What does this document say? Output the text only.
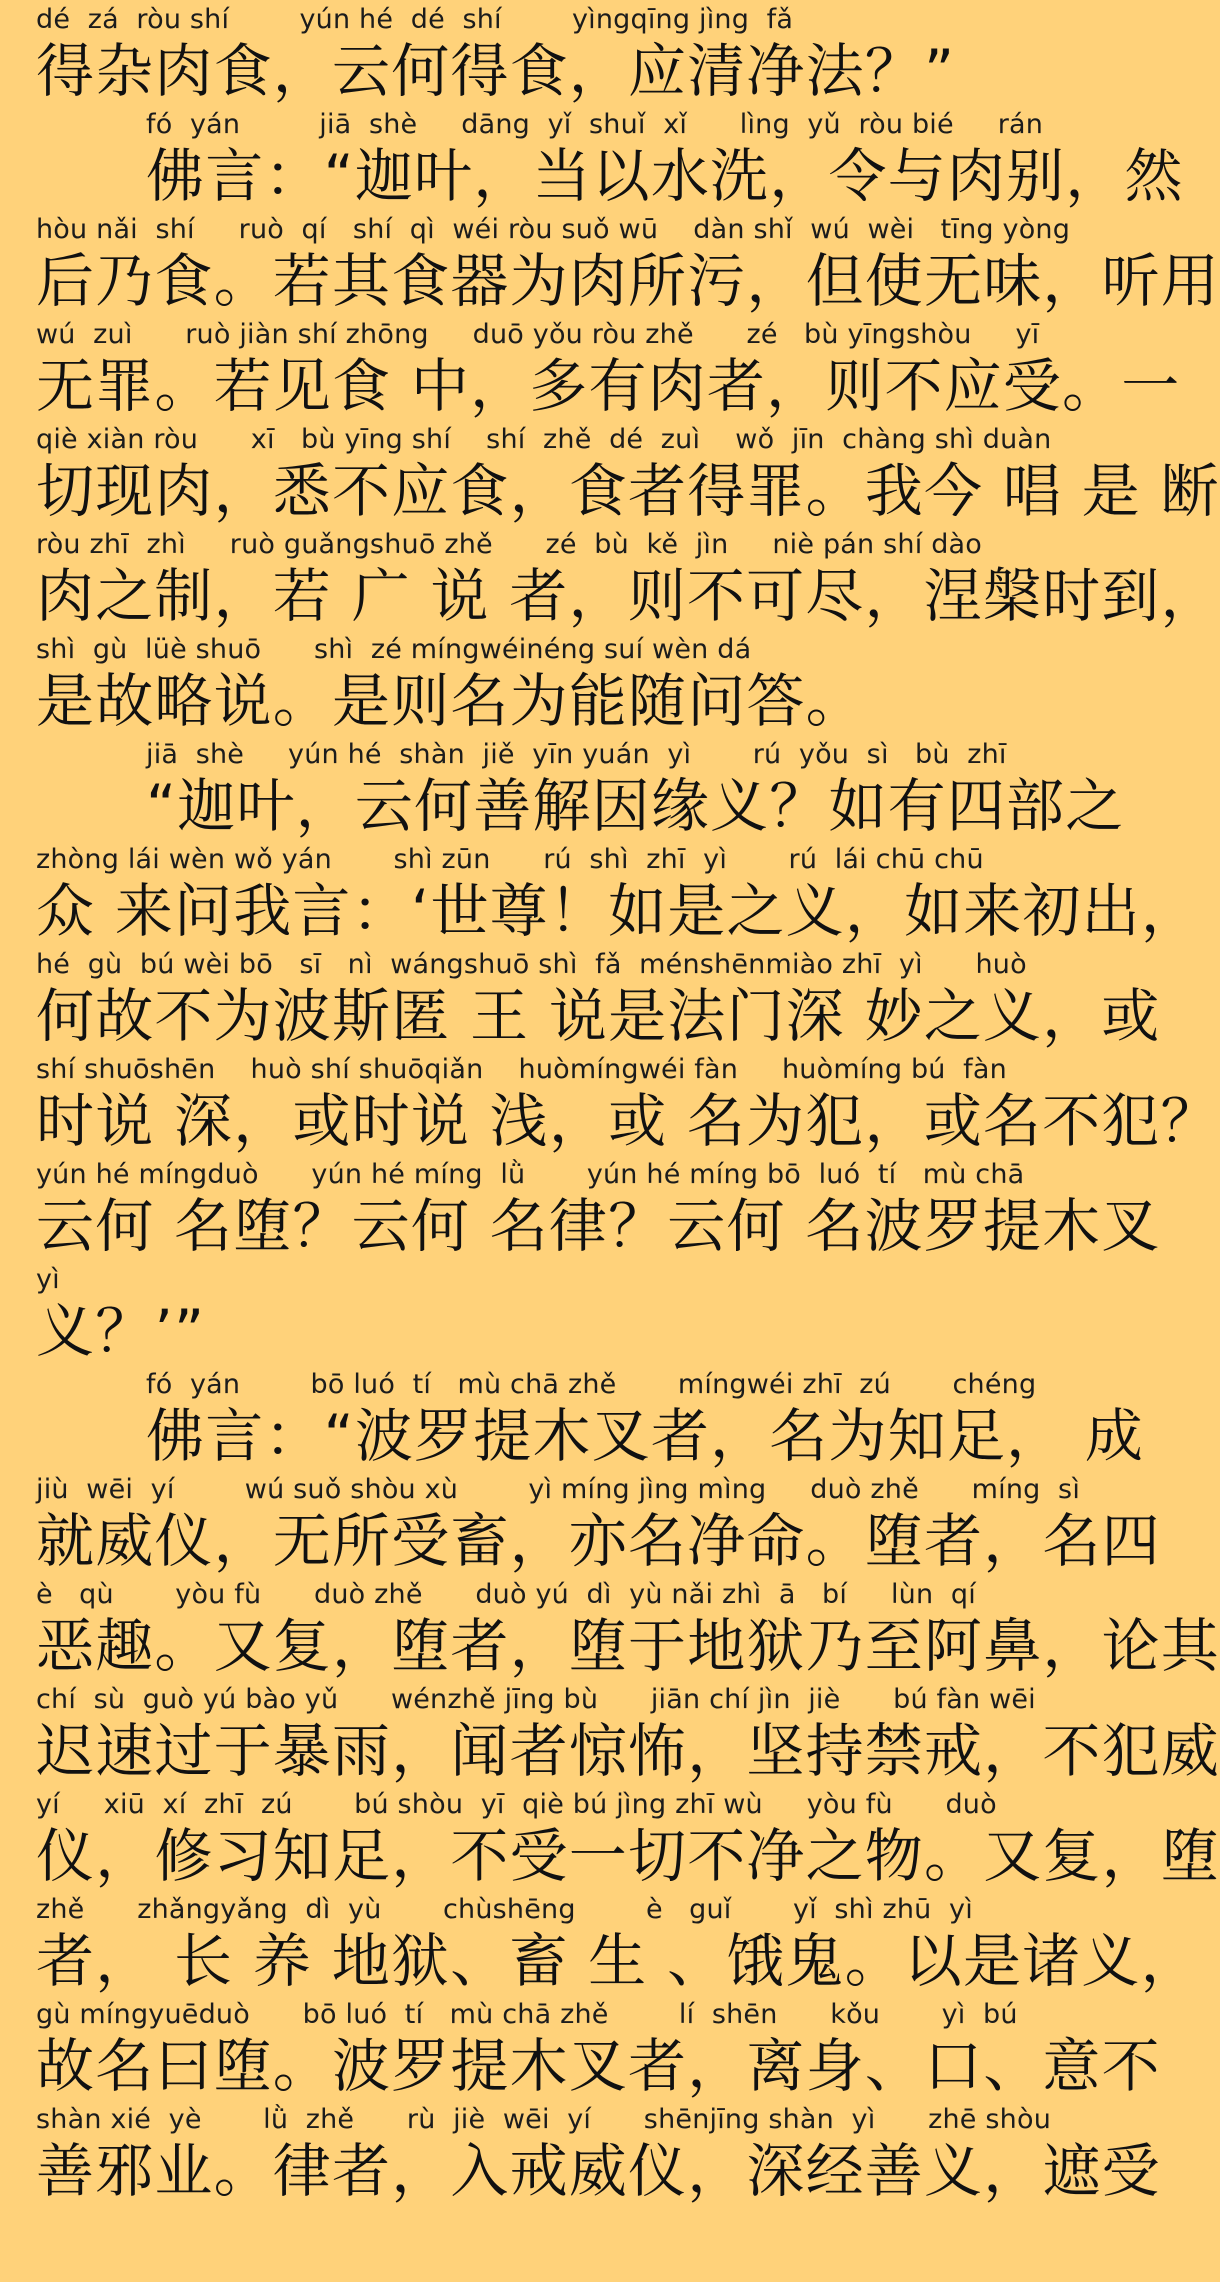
dé  zá  ròu shí        yún hé  dé  shí        yìngqīng jìng  fǎ
得杂肉食，云何得食，应清净法？”
fó  yán         jiā  shè     dāng  yǐ  shuǐ  xǐ      lìng  yǔ  ròu bié     rán
佛言：“迦叶，当以水洗，令与肉别，然
hòu nǎi  shí     ruò  qí   shí  qì  wéi ròu suǒ wū    dàn shǐ  wú  wèi   tīng yòng
后乃食。若其食器为肉所污，但使无味，听用
wú  zuì      ruò jiàn shí zhōng     duō yǒu ròu zhě      zé   bù yīngshòu     yī
无罪。若见食 中，多有肉者，则不应受。一
qiè xiàn ròu      xī   bù yīng shí    shí  zhě  dé  zuì    wǒ  jīn  chàng shì duàn
切现肉，悉不应食，食者得罪。我今 唱 是 断
ròu zhī  zhì     ruò guǎngshuō zhě      zé  bù  kě  jìn     niè pán shí dào
肉之制，若 广 说 者，则不可尽，涅槃时到，
shì  gù  lüè shuō      shì  zé míngwéinéng suí wèn dá
是故略说。是则名为能随问答。
jiā  shè     yún hé  shàn  jiě  yīn yuán  yì       rú  yǒu  sì   bù  zhī
“迦叶，云何善解因缘义？如有四部之
zhòng lái wèn wǒ yán       shì zūn      rú  shì  zhī  yì       rú  lái chū chū
众 来问我言：‘世尊！如是之义，如来初出，
hé  gù  bú wèi bō   sī   nì  wángshuō shì  fǎ  ménshēnmiào zhī  yì      huò
何故不为波斯匿 王 说是法门深 妙之义，或
shí shuōshēn    huò shí shuōqiǎn    huòmíngwéi fàn     huòmíng bú  fàn
时说 深，或时说 浅，或 名为犯，或名不犯？
yún hé míngduò      yún hé míng  lǜ       yún hé míng bō  luó  tí   mù chā
云何 名堕？云何 名律？云何 名波罗提木叉
yì
义？’”
fó  yán        bō luó  tí   mù chā zhě       míngwéi zhī  zú       chéng
佛言：“波罗提木叉者，名为知足， 成
jiù  wēi  yí        wú suǒ shòu xù        yì míng jìng mìng     duò zhě      míng  sì
就威仪，无所受畜，亦名净命。堕者，名四
è   qù       yòu fù      duò zhě      duò yú  dì  yù nǎi zhì  ā   bí     lùn  qí
恶趣。又复，堕者，堕于地狱乃至阿鼻，论其
chí  sù  guò yú bào yǔ      wénzhě jīng bù      jiān chí jìn  jiè      bú fàn wēi
迟速过于暴雨，闻者惊怖，坚持禁戒，不犯威
yí     xiū  xí  zhī  zú       bú shòu  yī  qiè bú jìng zhī wù     yòu fù      duò
仪，修习知足，不受一切不净之物。又复，堕
zhě      zhǎngyǎng  dì  yù       chùshēng        è   guǐ       yǐ  shì zhū  yì
者， 长 养 地狱、畜 生 、饿鬼。以是诸义，
gù míngyuēduò      bō luó  tí   mù chā zhě        lí  shēn      kǒu       yì  bú
故名曰堕。波罗提木叉者，离身、口、意不
shàn xié  yè       lǜ  zhě      rù  jiè  wēi  yí      shēnjīng shàn  yì      zhē shòu
善邪业。律者，入戒威仪，深经善义，遮受
